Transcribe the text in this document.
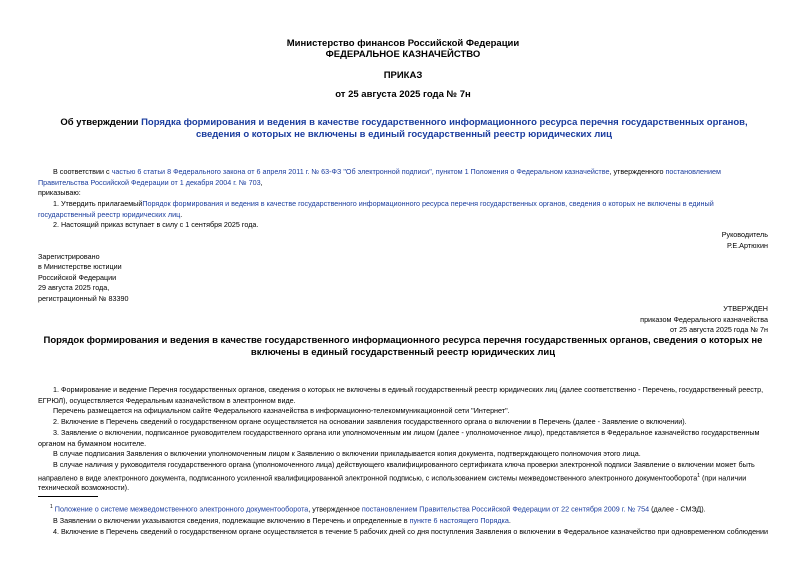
Министерство финансов Российской Федерации
ФЕДЕРАЛЬНОЕ КАЗНАЧЕЙСТВО
ПРИКАЗ
от 25 августа 2025 года № 7н
Об утверждении Порядка формирования и ведения в качестве государственного информационного ресурса перечня государственных органов, сведения о которых не включены в единый государственный реестр юридических лиц
В соответствии с частью 6 статьи 8 Федерального закона от 6 апреля 2011 г. № 63-ФЗ "Об электронной подписи", пунктом 1 Положения о Федеральном казначействе, утвержденного постановлением Правительства Российской Федерации от 1 декабря 2004 г. № 703,
приказываю:
1. Утвердить прилагаемыйПорядок формирования и ведения в качестве государственного информационного ресурса перечня государственных органов, сведения о которых не включены в единый государственный реестр юридических лиц.
2. Настоящий приказ вступает в силу с 1 сентября 2025 года.
Руководитель
Р.Е.Артюхин
Зарегистрировано
в Министерстве юстиции
Российской Федерации
29 августа 2025 года,
регистрационный № 83390
УТВЕРЖДЕН
приказом Федерального казначейства
от 25 августа 2025 года № 7н
Порядок формирования и ведения в качестве государственного информационного ресурса перечня государственных органов, сведения о которых не включены в единый государственный реестр юридических лиц
1. Формирование и ведение Перечня государственных органов, сведения о которых не включены в единый государственный реестр юридических лиц (далее соответственно - Перечень, государственный реестр, ЕГРЮЛ), осуществляется Федеральным казначейством в электронном виде.
Перечень размещается на официальном сайте Федерального казначейства в информационно-телекоммуникационной сети "Интернет".
2. Включение в Перечень сведений о государственном органе осуществляется на основании заявления государственного органа о включении в Перечень (далее - Заявление о включении).
3. Заявление о включении, подписанное руководителем государственного органа или уполномоченным им лицом (далее - уполномоченное лицо), представляется в Федеральное казначейство государственным органом на бумажном носителе.
В случае подписания Заявления о включении уполномоченным лицом к Заявлению о включении прикладывается копия документа, подтверждающего полномочия этого лица.
В случае наличия у руководителя государственного органа (уполномоченного лица) действующего квалифицированного сертификата ключа проверки электронной подписи Заявление о включении может быть направлено в виде электронного документа, подписанного усиленной квалифицированной электронной подписью, с использованием системы межведомственного электронного документооборота$^1$ (при наличии технической возможности).
$^1$ Положение о системе межведомственного электронного документооборота, утвержденное постановлением Правительства Российской Федерации от 22 сентября 2009 г. № 754 (далее - СМЭД).
В Заявлении о включении указываются сведения, подлежащие включению в Перечень и определенные в пункте 6 настоящего Порядка.
4. Включение в Перечень сведений о государственном органе осуществляется в течение 5 рабочих дней со дня поступления Заявления о включении в Федеральное казначейство при одновременном соблюдении
